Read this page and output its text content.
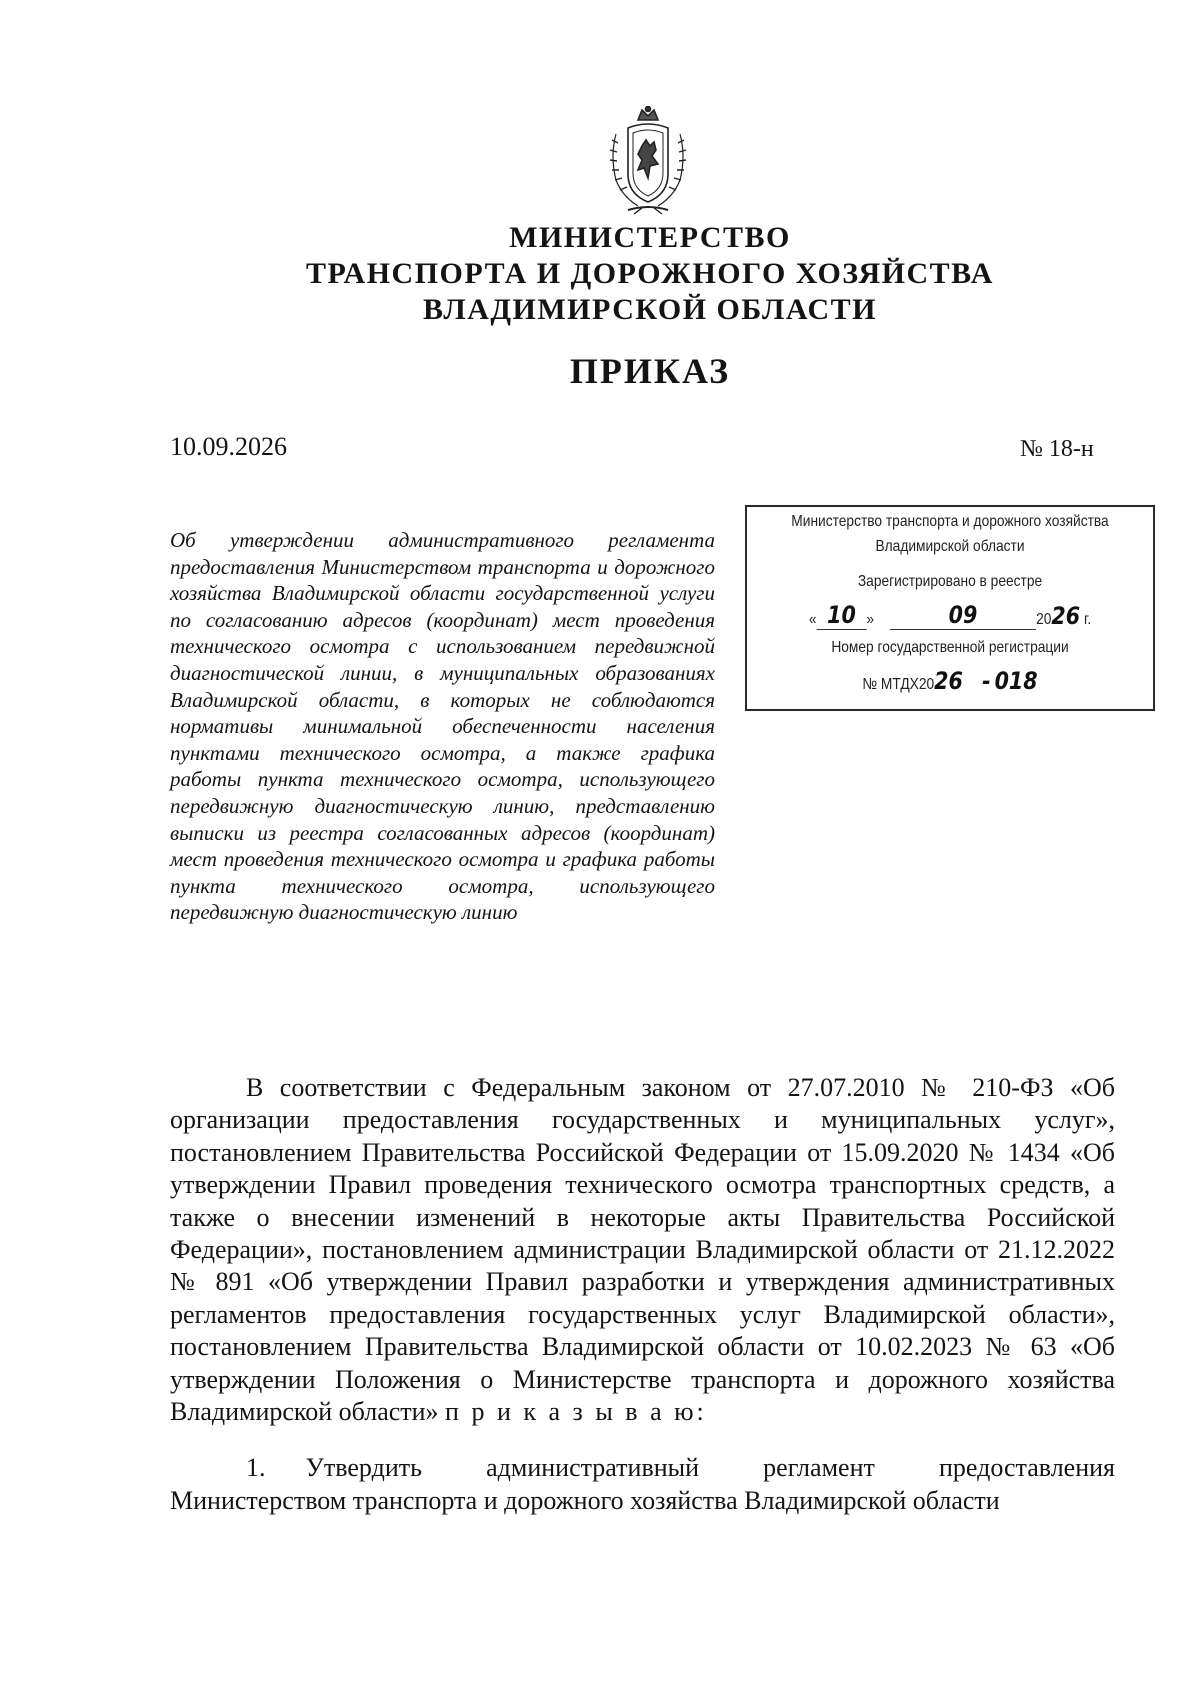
МИНИСТЕРСТВО
ТРАНСПОРТА И ДОРОЖНОГО ХОЗЯЙСТВА
ВЛАДИМИРСКОЙ ОБЛАСТИ
ПРИКАЗ
10.09.2026	№ 18-н
Об утверждении административного регламента предоставления Министерством транспорта и дорожного хозяйства Владимирской области государственной услуги по согласованию адресов (координат) мест проведения технического осмотра с использованием передвижной диагностической линии, в муниципальных образованиях Владимирской области, в которых не соблюдаются нормативы минимальной обеспеченности населения пунктами технического осмотра, а также графика работы пункта технического осмотра, использующего передвижную диагностическую линию, представлению выписки из реестра согласованных адресов (координат) мест проведения технического осмотра и графика работы пункта технического осмотра, использующего передвижную диагностическую линию
Министерство транспорта и дорожного хозяйства
Владимирской области
Зарегистрировано в реестре
« 10 »	09	2026 г.
Номер государственной регистрации
№ МТДХ2026 - 018

В соответствии с Федеральным законом от 27.07.2010 № 210-ФЗ «Об организации предоставления государственных и муниципальных услуг», постановлением Правительства Российской Федерации от 15.09.2020 № 1434 «Об утверждении Правил проведения технического осмотра транспортных средств, а также о внесении изменений в некоторые акты Правительства Российской Федерации», постановлением администрации Владимирской области от 21.12.2022 № 891 «Об утверждении Правил разработки и утверждения административных регламентов предоставления государственных услуг Владимирской области», постановлением Правительства Владимирской области от 10.02.2023 № 63 «Об утверждении Положения о Министерстве транспорта и дорожного хозяйства Владимирской области» п р и к а з ы в а ю:

1. Утвердить административный регламент предоставления Министерством транспорта и дорожного хозяйства Владимирской области
